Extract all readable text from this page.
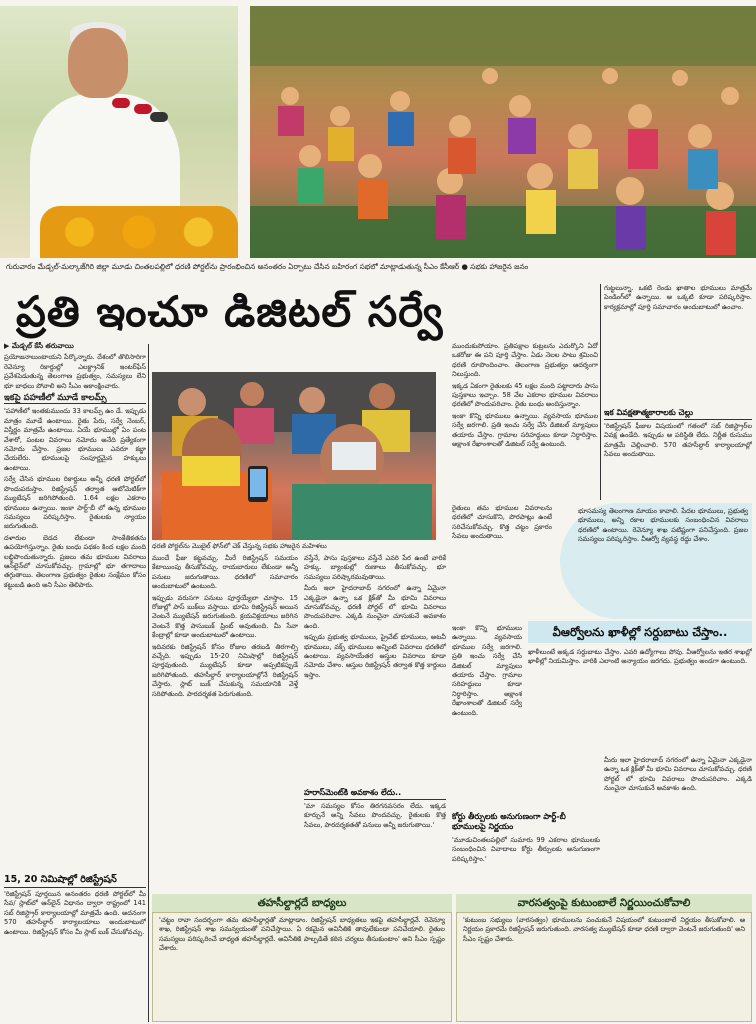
గురువారం మేడ్చల్-మల్కాజ్‌గిరి జిల్లా మూడు చింతలపల్లిలో ధరణి పోర్టల్‌ను ప్రారంభించిన అనంతరం ఏర్పాటు చేసిన బహిరంగ సభలో మాట్లాడుతున్న సీఎం కేసీఆర్ ● సభకు హాజరైన జనం
ప్రతి ఇంచూ డిజిటల్ సర్వే

▶ మేడ్చల్ కేసీ తరువాయి

ప్రయోజనాలుంటాయని పేర్కొన్నారు. దేశంలో తొలిసారిగా రెవెన్యూ రికార్డుల్లో ఎలక్ట్రానిక్ ఇంటర్‌ఫేస్‌ ప్రవేశపెడుతున్న తెలంగాణ ప్రభుత్వం, సమస్యలు లేని భూ బాధలు పోవాలి అని సీఎం ఆకాంక్షించారు.

ఇకపై పహణీలో మూడే కాలమ్స్

'పహాణీలో ఇంతకుముందు 33 కాలమ్స్ ఉం డే. ఇప్పుడు మాత్రం మూడే ఉంటాయి. రైతు పేరు, సర్వే నెంబర్, విస్తీర్ణం మాత్రమే ఉంటాయి. ఏయే భూముల్లో ఏం పంట వేశారో, పంటల వివరాలు నమోదు అనేది ప్రత్యేకంగా నమోదు చేస్తాం. ప్రజల భూములు ఎవరూ కబ్జా చేయలేరు. భూములపై సంపూర్ణమైన హక్కులు ఉంటాయి.

సర్వే చేసిన భూముల రికార్డులు అన్నీ ధరణి పోర్టల్‌లో పొందుపరుస్తాం. రిజిస్ట్రేషన్ తర్వాత ఆటోమెటిక్‌గా మ్యుటేషన్ జరిగిపోతుంది. 1.64 లక్షల ఎకరాల భూములు ఉన్నాయి. ఇంకా పార్ట్-బీ లో ఉన్న భూముల సమస్యలు పరిష్కరిస్తాం. రైతులకు న్యాయం జరుగుతుంది.

దళారుల బెడద లేకుండా సాంకేతికతను ఉపయోగిస్తున్నాం. రైతు బంధు పథకం కింద లక్షల మంది లబ్ధిపొందుతున్నారు. ప్రజలు తమ భూముల వివరాలు ఆన్‌లైన్‌లో చూసుకోవచ్చు. గ్రామాల్లో భూ తగాదాలు తగ్గుతాయి. తెలంగాణ ప్రభుత్వం రైతుల సంక్షేమం కోసం కట్టుబడి ఉంది అని సీఎం తెలిపారు.

15, 20 నిమిషాల్లో రిజిస్ట్రేషన్

'రిజిస్ట్రేషన్ పూర్తయిన అనంతరం ధరణి పోర్టల్‌లో మీ సేవ/ స్లాట్‌లో ఆన్‌లైన్ విధానం ద్వారా రాష్ట్రంలో 141 సబ్ రిజిస్ట్రార్ కార్యాలయాల్లో మాత్రమే ఉంది. అదనంగా 570 తహసీల్దార్ కార్యాలయాలు అందుబాటులో ఉంటాయి. రిజిస్ట్రేషన్ కోసం మీ స్లాట్ బుక్ చేసుకోవచ్చు.

ధరణి పోర్టల్‌ను మొబైల్ ఫోన్‌లో చెక్ చేస్తున్న సభకు హాజరైన మహిళలు

ముందే ఫీజు కట్టవచ్చు. మీరే రిజిస్ట్రేషన్ సమయం కేటాయింపు తీసుకోవచ్చు. రాయబారులు లేకుండా అన్నీ పనులు జరుగుతాయి. ధరణిలో సమాచారం అందుబాటులో ఉంటుంది.

ఇప్పుడు వరుసగా పనులు పూర్తయ్యేలా చూస్తాం. 15 రోజుల్లో పాస్‌ బుక్‌లు వస్తాయి. భూమి రిజిస్ట్రేషన్ అయిన వెంటనే మ్యుటేషన్ జరుగుతుంది. క్రయవిక్రయాలు జరిగిన వెంటనే కొత్త పాసుబుక్ ప్రింట్ అవుతుంది. మీ సేవా కేంద్రాల్లో కూడా అందుబాటులో ఉంటాయి.

ఇదివరకు రిజిస్ట్రేషన్ కోసం రోజుల తరబడి తిరగాల్సి వచ్చేది. ఇప్పుడు 15-20 నిమిషాల్లో రిజిస్ట్రేషన్ పూర్తవుతుంది. మ్యుటేషన్ కూడా అప్పటికప్పుడే జరిగిపోతుంది. తహసీల్దార్ కార్యాలయాల్లోనే రిజిస్ట్రేషన్ చేస్తారు. స్లాట్ బుక్ చేసుకున్న సమయానికి వెళ్తే సరిపోతుంది. పారదర్శకత పెరుగుతుంది.

వస్తేనే, పాసు పుస్తకాలు వస్తేనే ఎవరి పేర ఉంటే వారికే హక్కు. బ్యాంకుల్లో రుణాలు తీసుకోవచ్చు. భూ సమస్యలు పరిష్కారమవుతాయి.

మీరు ఇలా హైదరాబాద్ నగరంలో ఉన్నా ఏమైనా ఎక్కడైనా ఉన్నా ఒక క్లిక్‌తో మీ భూమి వివరాలు చూసుకోవచ్చు. ధరణి పోర్టల్ లో భూమి వివరాలు పొందుపరిచాం. ఎక్కడి నుంచైనా చూసుకునే అవకాశం ఉంది.

ఇప్పుడు ప్రభుత్వ భూములు, ప్రైవేట్ భూములు, అటవీ భూములు, వక్ఫ్ భూములు అన్నింటి వివరాలు ధరణిలో ఉంటాయి. వ్యవసాయేతర ఆస్తుల వివరాలు కూడా నమోదు చేశాం. ఆస్తుల రిజిస్ట్రేషన్ తర్వాత కొత్త కార్డులు ఇస్తాం.

హరాస్‌మెంట్‌కి అవకాశం లేదు..

'మా సమస్యల కోసం తిరగనవసరం లేదు. ఇక్కడ కూర్చునే అన్ని సేవలు పొందవచ్చు. రైతులకు కొత్త సేవలు, పారదర్శకతతో పనులు అన్నీ జరుగుతాయి.'

ముందుకుపోయాం. ప్రతిపక్షాల కుట్రలను ఎదుర్కొని ఏదో ఒకరోజు ఈ పని పూర్తి చేస్తాం. ఏడు నెలల పాటు శ్రమించి ధరణి రూపొందించాం. తెలంగాణ ప్రభుత్వం ఆదర్శంగా నిలుస్తుంది.

ఇక్కడ ఏకంగా రైతులకు 45 లక్షల మంది పట్టాదారు పాసు పుస్తకాలు ఇచ్చాం. 58 వేల ఎకరాల భూముల వివరాలు ధరణిలో పొందుపరిచాం. రైతు బంధు అందిస్తున్నాం.

ఇంకా కొన్ని భూములు ఉన్నాయి. వ్యవసాయ భూముల సర్వే జరగాలి. ప్రతి ఇంచు సర్వే చేసి డిజిటల్ మ్యాపులు తయారు చేస్తాం. గ్రామాల సరిహద్దులు కూడా నిర్ధారిస్తాం. అక్షాంశ రేఖాంశాలతో డిజిటల్ సర్వే ఉంటుంది.

రైతులు తమ భూముల వివరాలను ధరణిలో చూసుకొని, పొరపాట్లు ఉంటే సరిచేసుకోవచ్చు. కొత్త చట్టం ప్రకారం సేవలు అందుతాయి.

గుట్టలున్నా. ఒకటి రెండు ఖాతాల భూములు మాత్రమే పెండింగ్‌లో ఉన్నాయి. ఆ ఒక్కటి కూడా పరిష్కరిస్తాం. కార్యక్రమాల్లో పూర్తి సమాచారం అందుబాటులో ఉంచాం.

ఇక వివక్షతాత్మకారాలకు చెల్లు

'రిజిస్ట్రేషన్ ఫీజుల విషయంలో గతంలో సబ్ రిజిస్ట్రార్‌ల వివక్ష ఉండేది. ఇప్పుడు ఆ పరిస్థితి లేదు. నిర్ణీత రుసుము మాత్రమే చెల్లించాలి. 570 తహసీల్దార్ కార్యాలయాల్లో సేవలు అందుతాయి.

భూసమస్య తెలంగాణ మాయం కావాలి. పేదల భూములు, ప్రభుత్వ భూములు, అన్ని రకాల భూములకు సంబంధించిన వివరాలు ధరణిలో ఉంటాయి. రెవెన్యూ శాఖ పటిష్టంగా పనిచేస్తుంది. ప్రజల సమస్యలు పరిష్కరిస్తాం. వీఆర్వో వ్యవస్థ రద్దు చేశాం.
వీఆర్వోలను ఖాళీల్లో సర్దుబాటు చేస్తాం..

ఖాళీలుంటే అక్కడ సర్దుబాటు చేస్తాం. ఎవరి ఉద్యోగాలు పోవు. వీఆర్వోలను ఇతర శాఖల్లో ఖాళీల్లో నియమిస్తాం. వారికి ఎలాంటి అన్యాయం జరగదు. ప్రభుత్వం అండగా ఉంటుంది.

ఇంకా కొన్ని భూములు ఉన్నాయి. వ్యవసాయ భూముల సర్వే జరగాలి. ప్రతి ఇంచు సర్వే చేసి డిజిటల్ మ్యాపులు తయారు చేస్తాం. గ్రామాల సరిహద్దులు కూడా నిర్ధారిస్తాం. అక్షాంశ రేఖాంశాలతో డిజిటల్ సర్వే ఉంటుంది.

కోర్టు తీర్పులకు అనుగుణంగా పార్ట్-బీ భూములపై నిర్ణయం

'మూడుచింతలపల్లిలో సుమారు 99 ఎకరాల భూములకు సంబంధించిన వివాదాలు కోర్టు తీర్పులకు అనుగుణంగా పరిష్కరిస్తాం.'

మీరు ఇలా హైదరాబాద్ నగరంలో ఉన్నా ఏమైనా ఎక్కడైనా ఉన్నా ఒక క్లిక్‌తో మీ భూమి వివరాలు చూసుకోవచ్చు. ధరణి పోర్టల్ లో భూమి వివరాలు పొందుపరిచాం. ఎక్కడి నుంచైనా చూసుకునే అవకాశం ఉంది.

తహసీల్దార్లదే బాధ్యలు
'చట్టం రావా సందర్భంగా తమ తహసీల్దార్లతో మాట్లాడాం. రిజిస్ట్రేషన్ బాధ్యతలు ఇకపై తహసీల్దార్లవే. రెవెన్యూ శాఖ, రిజిస్ట్రేషన్ శాఖ సమన్వయంతో పనిచేస్తాయి. ఏ రకమైన అవినీతికి తావులేకుండా పనిచేయాలి. రైతుల సమస్యలు పరిష్కరించే బాధ్యత తహసీల్దార్లదే. అవినీతికి పాల్పడితే కఠిన చర్యలు తీసుకుంటాం' అని సీఎం స్పష్టం చేశారు.
వారసత్వంపై కుటుంబాలే నిర్ణయించుకోవాలి
'కుటుంబ సభ్యులు (వారసత్వం) భూములను పంచుకునే విషయంలో కుటుంబాలే నిర్ణయం తీసుకోవాలి. ఆ నిర్ణయం ప్రకారమే రిజిస్ట్రేషన్ జరుగుతుంది. వారసత్వ మ్యుటేషన్ కూడా ధరణి ద్వారా వెంటనే జరుగుతుంది' అని సీఎం స్పష్టం చేశారు.
